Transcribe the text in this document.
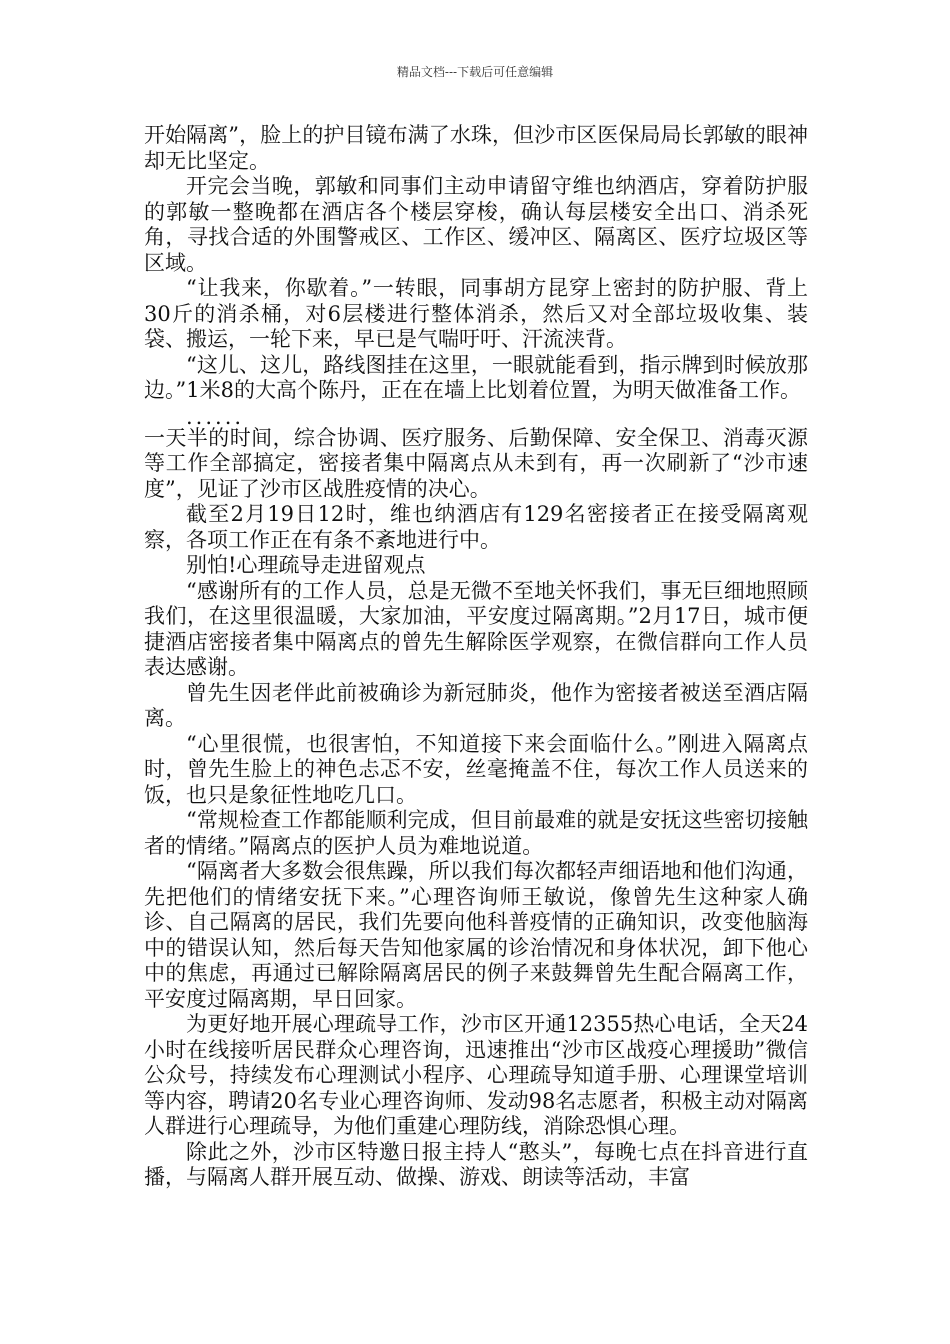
精品文档---下载后可任意编辑

开始隔离”，脸上的护目镜布满了水珠，但沙市区医保局局长郭敏的眼神却无比坚定。

开完会当晚，郭敏和同事们主动申请留守维也纳酒店，穿着防护服的郭敏一整晚都在酒店各个楼层穿梭，确认每层楼安全出口、消杀死角，寻找合适的外围警戒区、工作区、缓冲区、隔离区、医疗垃圾区等区域。

“让我来，你歇着。”一转眼，同事胡方昆穿上密封的防护服、背上30斤的消杀桶，对6层楼进行整体消杀，然后又对全部垃圾收集、装袋、搬运，一轮下来，早已是气喘吁吁、汗流浃背。

“这儿、这儿，路线图挂在这里，一眼就能看到，指示牌到时候放那边。”1米8的大高个陈丹，正在在墙上比划着位置，为明天做准备工作。

......

一天半的时间，综合协调、医疗服务、后勤保障、安全保卫、消毒灭源等工作全部搞定，密接者集中隔离点从未到有，再一次刷新了“沙市速度”，见证了沙市区战胜疫情的决心。

截至2月19日12时，维也纳酒店有129名密接者正在接受隔离观察，各项工作正在有条不紊地进行中。

别怕!心理疏导走进留观点

“感谢所有的工作人员，总是无微不至地关怀我们，事无巨细地照顾我们，在这里很温暖，大家加油，平安度过隔离期。”2月17日，城市便捷酒店密接者集中隔离点的曾先生解除医学观察，在微信群向工作人员表达感谢。

曾先生因老伴此前被确诊为新冠肺炎，他作为密接者被送至酒店隔离。

“心里很慌，也很害怕，不知道接下来会面临什么。”刚进入隔离点时，曾先生脸上的神色忐忑不安，丝毫掩盖不住，每次工作人员送来的饭，也只是象征性地吃几口。

“常规检查工作都能顺利完成，但目前最难的就是安抚这些密切接触者的情绪。”隔离点的医护人员为难地说道。

“隔离者大多数会很焦躁，所以我们每次都轻声细语地和他们沟通，先把他们的情绪安抚下来。”心理咨询师王敏说，像曾先生这种家人确诊、自己隔离的居民，我们先要向他科普疫情的正确知识，改变他脑海中的错误认知，然后每天告知他家属的诊治情况和身体状况，卸下他心中的焦虑，再通过已解除隔离居民的例子来鼓舞曾先生配合隔离工作，平安度过隔离期，早日回家。

为更好地开展心理疏导工作，沙市区开通12355热心电话，全天24小时在线接听居民群众心理咨询，迅速推出“沙市区战疫心理援助”微信公众号，持续发布心理测试小程序、心理疏导知道手册、心理课堂培训等内容，聘请20名专业心理咨询师、发动98名志愿者，积极主动对隔离人群进行心理疏导，为他们重建心理防线，消除恐惧心理。

除此之外，沙市区特邀日报主持人“憨头”，每晚七点在抖音进行直播，与隔离人群开展互动、做操、游戏、朗读等活动，丰富
